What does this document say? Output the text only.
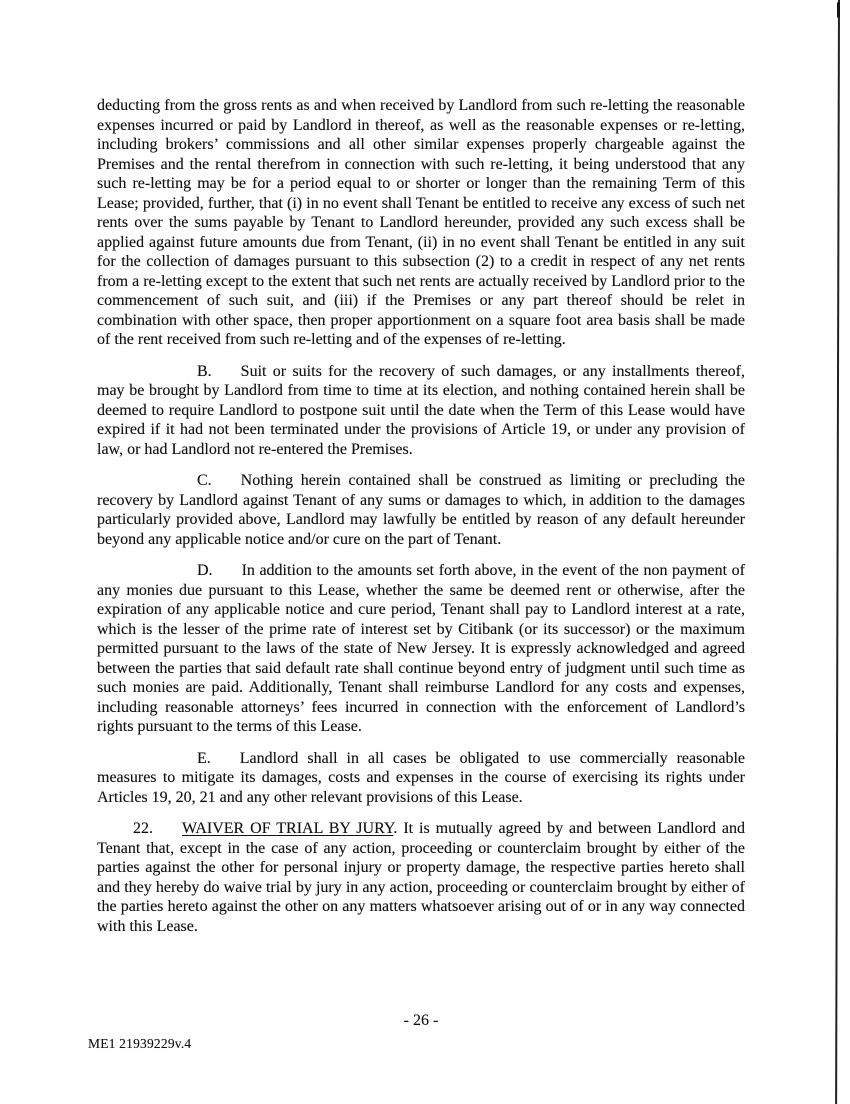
deducting from the gross rents as and when received by Landlord from such re-letting the reasonable expenses incurred or paid by Landlord in thereof, as well as the reasonable expenses or re-letting, including brokers’ commissions and all other similar expenses properly chargeable against the Premises and the rental therefrom in connection with such re-letting, it being understood that any such re-letting may be for a period equal to or shorter or longer than the remaining Term of this Lease; provided, further, that (i) in no event shall Tenant be entitled to receive any excess of such net rents over the sums payable by Tenant to Landlord hereunder, provided any such excess shall be applied against future amounts due from Tenant, (ii) in no event shall Tenant be entitled in any suit for the collection of damages pursuant to this subsection (2) to a credit in respect of any net rents from a re-letting except to the extent that such net rents are actually received by Landlord prior to the commencement of such suit, and (iii) if the Premises or any part thereof should be relet in combination with other space, then proper apportionment on a square foot area basis shall be made of the rent received from such re-letting and of the expenses of re-letting.

B. Suit or suits for the recovery of such damages, or any installments thereof, may be brought by Landlord from time to time at its election, and nothing contained herein shall be deemed to require Landlord to postpone suit until the date when the Term of this Lease would have expired if it had not been terminated under the provisions of Article 19, or under any provision of law, or had Landlord not re-entered the Premises.

C. Nothing herein contained shall be construed as limiting or precluding the recovery by Landlord against Tenant of any sums or damages to which, in addition to the damages particularly provided above, Landlord may lawfully be entitled by reason of any default hereunder beyond any applicable notice and/or cure on the part of Tenant.

D. In addition to the amounts set forth above, in the event of the non payment of any monies due pursuant to this Lease, whether the same be deemed rent or otherwise, after the expiration of any applicable notice and cure period, Tenant shall pay to Landlord interest at a rate, which is the lesser of the prime rate of interest set by Citibank (or its successor) or the maximum permitted pursuant to the laws of the state of New Jersey. It is expressly acknowledged and agreed between the parties that said default rate shall continue beyond entry of judgment until such time as such monies are paid. Additionally, Tenant shall reimburse Landlord for any costs and expenses, including reasonable attorneys’ fees incurred in connection with the enforcement of Landlord’s rights pursuant to the terms of this Lease.

E. Landlord shall in all cases be obligated to use commercially reasonable measures to mitigate its damages, costs and expenses in the course of exercising its rights under Articles 19, 20, 21 and any other relevant provisions of this Lease.

22. WAIVER OF TRIAL BY JURY. It is mutually agreed by and between Landlord and Tenant that, except in the case of any action, proceeding or counterclaim brought by either of the parties against the other for personal injury or property damage, the respective parties hereto shall and they hereby do waive trial by jury in any action, proceeding or counterclaim brought by either of the parties hereto against the other on any matters whatsoever arising out of or in any way connected with this Lease.

- 26 -
ME1 21939229v.4
